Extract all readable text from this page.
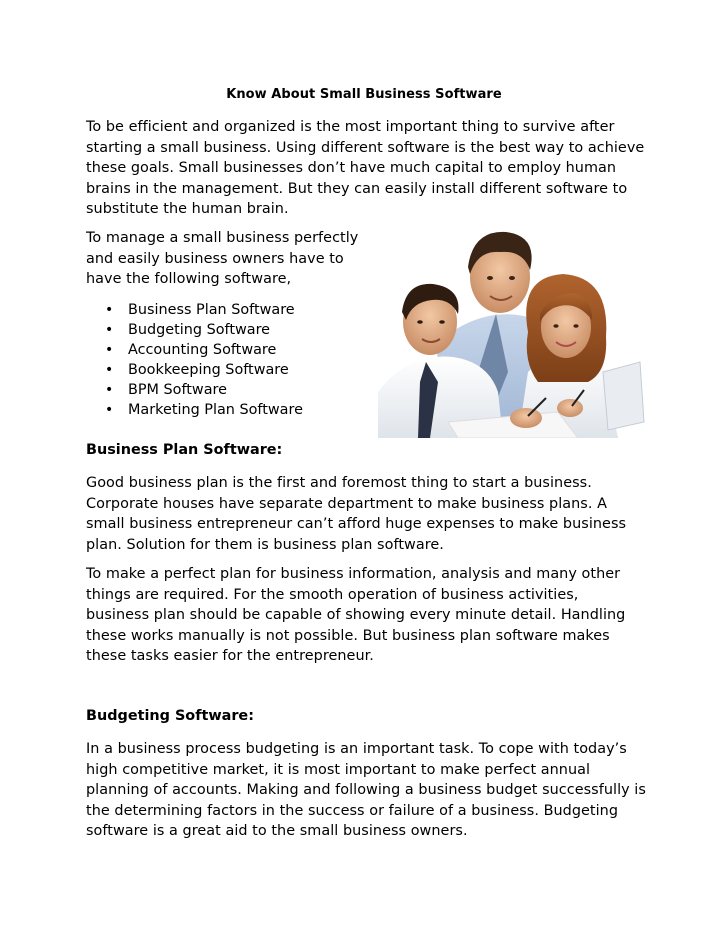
Know About Small Business Software

To be efficient and organized is the most important thing to survive after starting a small business. Using different software is the best way to achieve these goals. Small businesses don’t have much capital to employ human brains in the management. But they can easily install different software to substitute the human brain.

To manage a small business perfectly and easily business owners have to have the following software,

• Business Plan Software
• Budgeting Software
• Accounting Software
• Bookkeeping Software
• BPM Software
• Marketing Plan Software
Business Plan Software:

Good business plan is the first and foremost thing to start a business. Corporate houses have separate department to make business plans. A small business entrepreneur can’t afford huge expenses to make business plan. Solution for them is business plan software.

To make a perfect plan for business information, analysis and many other things are required. For the smooth operation of business activities, business plan should be capable of showing every minute detail. Handling these works manually is not possible. But business plan software makes these tasks easier for the entrepreneur.

Budgeting Software:

In a business process budgeting is an important task. To cope with today’s high competitive market, it is most important to make perfect annual planning of accounts. Making and following a business budget successfully is the determining factors in the success or failure of a business. Budgeting software is a great aid to the small business owners.
